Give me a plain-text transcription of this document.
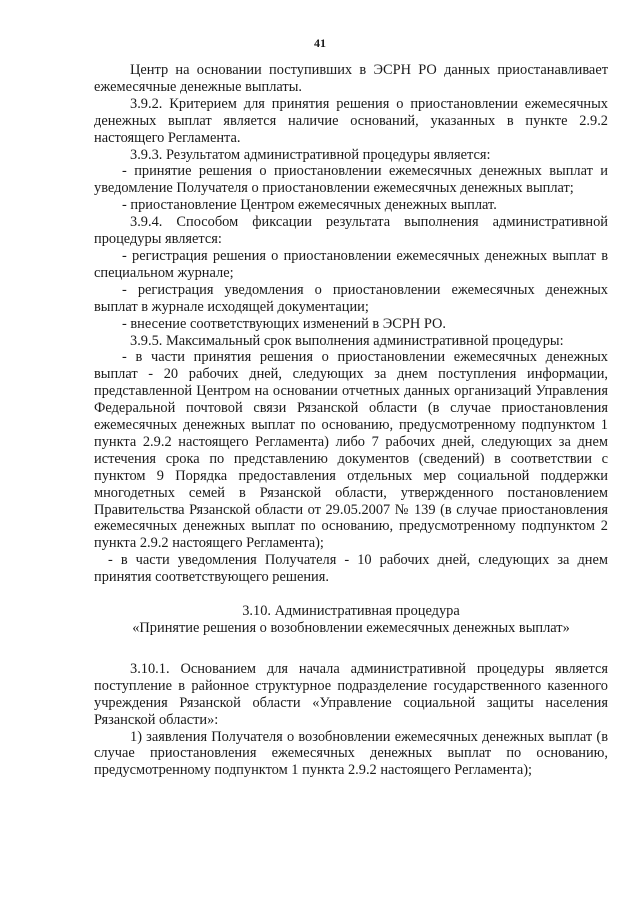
41

Центр на основании поступивших в ЭСРН РО данных приостанавливает ежемесячные денежные выплаты.

3.9.2. Критерием для принятия решения о приостановлении ежемесячных денежных выплат является наличие оснований, указанных в пункте 2.9.2 настоящего Регламента.

3.9.3. Результатом административной процедуры является:

- принятие решения о приостановлении ежемесячных денежных выплат и уведомление Получателя о приостановлении ежемесячных денежных выплат;

- приостановление Центром ежемесячных денежных выплат.

3.9.4. Способом фиксации результата выполнения административной процедуры является:

- регистрация решения о приостановлении ежемесячных денежных выплат в специальном журнале;

- регистрация уведомления о приостановлении ежемесячных денежных выплат в журнале исходящей документации;

- внесение соответствующих изменений в ЭСРН РО.

3.9.5. Максимальный срок выполнения административной процедуры:

- в части принятия решения о приостановлении ежемесячных денежных выплат - 20 рабочих дней, следующих за днем поступления информации, представленной Центром на основании отчетных данных организаций Управления Федеральной почтовой связи Рязанской области (в случае приостановления ежемесячных денежных выплат по основанию, предусмотренному подпунктом 1 пункта 2.9.2 настоящего Регламента) либо 7 рабочих дней, следующих за днем истечения срока по представлению документов (сведений) в соответствии с пунктом 9 Порядка предоставления отдельных мер социальной поддержки многодетных семей в Рязанской области, утвержденного постановлением Правительства Рязанской области от 29.05.2007 № 139 (в случае приостановления ежемесячных денежных выплат по основанию, предусмотренному подпунктом 2 пункта 2.9.2 настоящего Регламента);

- в части уведомления Получателя - 10 рабочих дней, следующих за днем принятия соответствующего решения.

3.10. Административная процедура

«Принятие решения о возобновлении ежемесячных денежных выплат»

3.10.1. Основанием для начала административной процедуры является поступление в районное структурное подразделение государственного казенного учреждения Рязанской области «Управление социальной защиты населения Рязанской области»:

1) заявления Получателя о возобновлении ежемесячных денежных выплат (в случае приостановления ежемесячных денежных выплат по основанию, предусмотренному подпунктом 1 пункта 2.9.2 настоящего Регламента);
